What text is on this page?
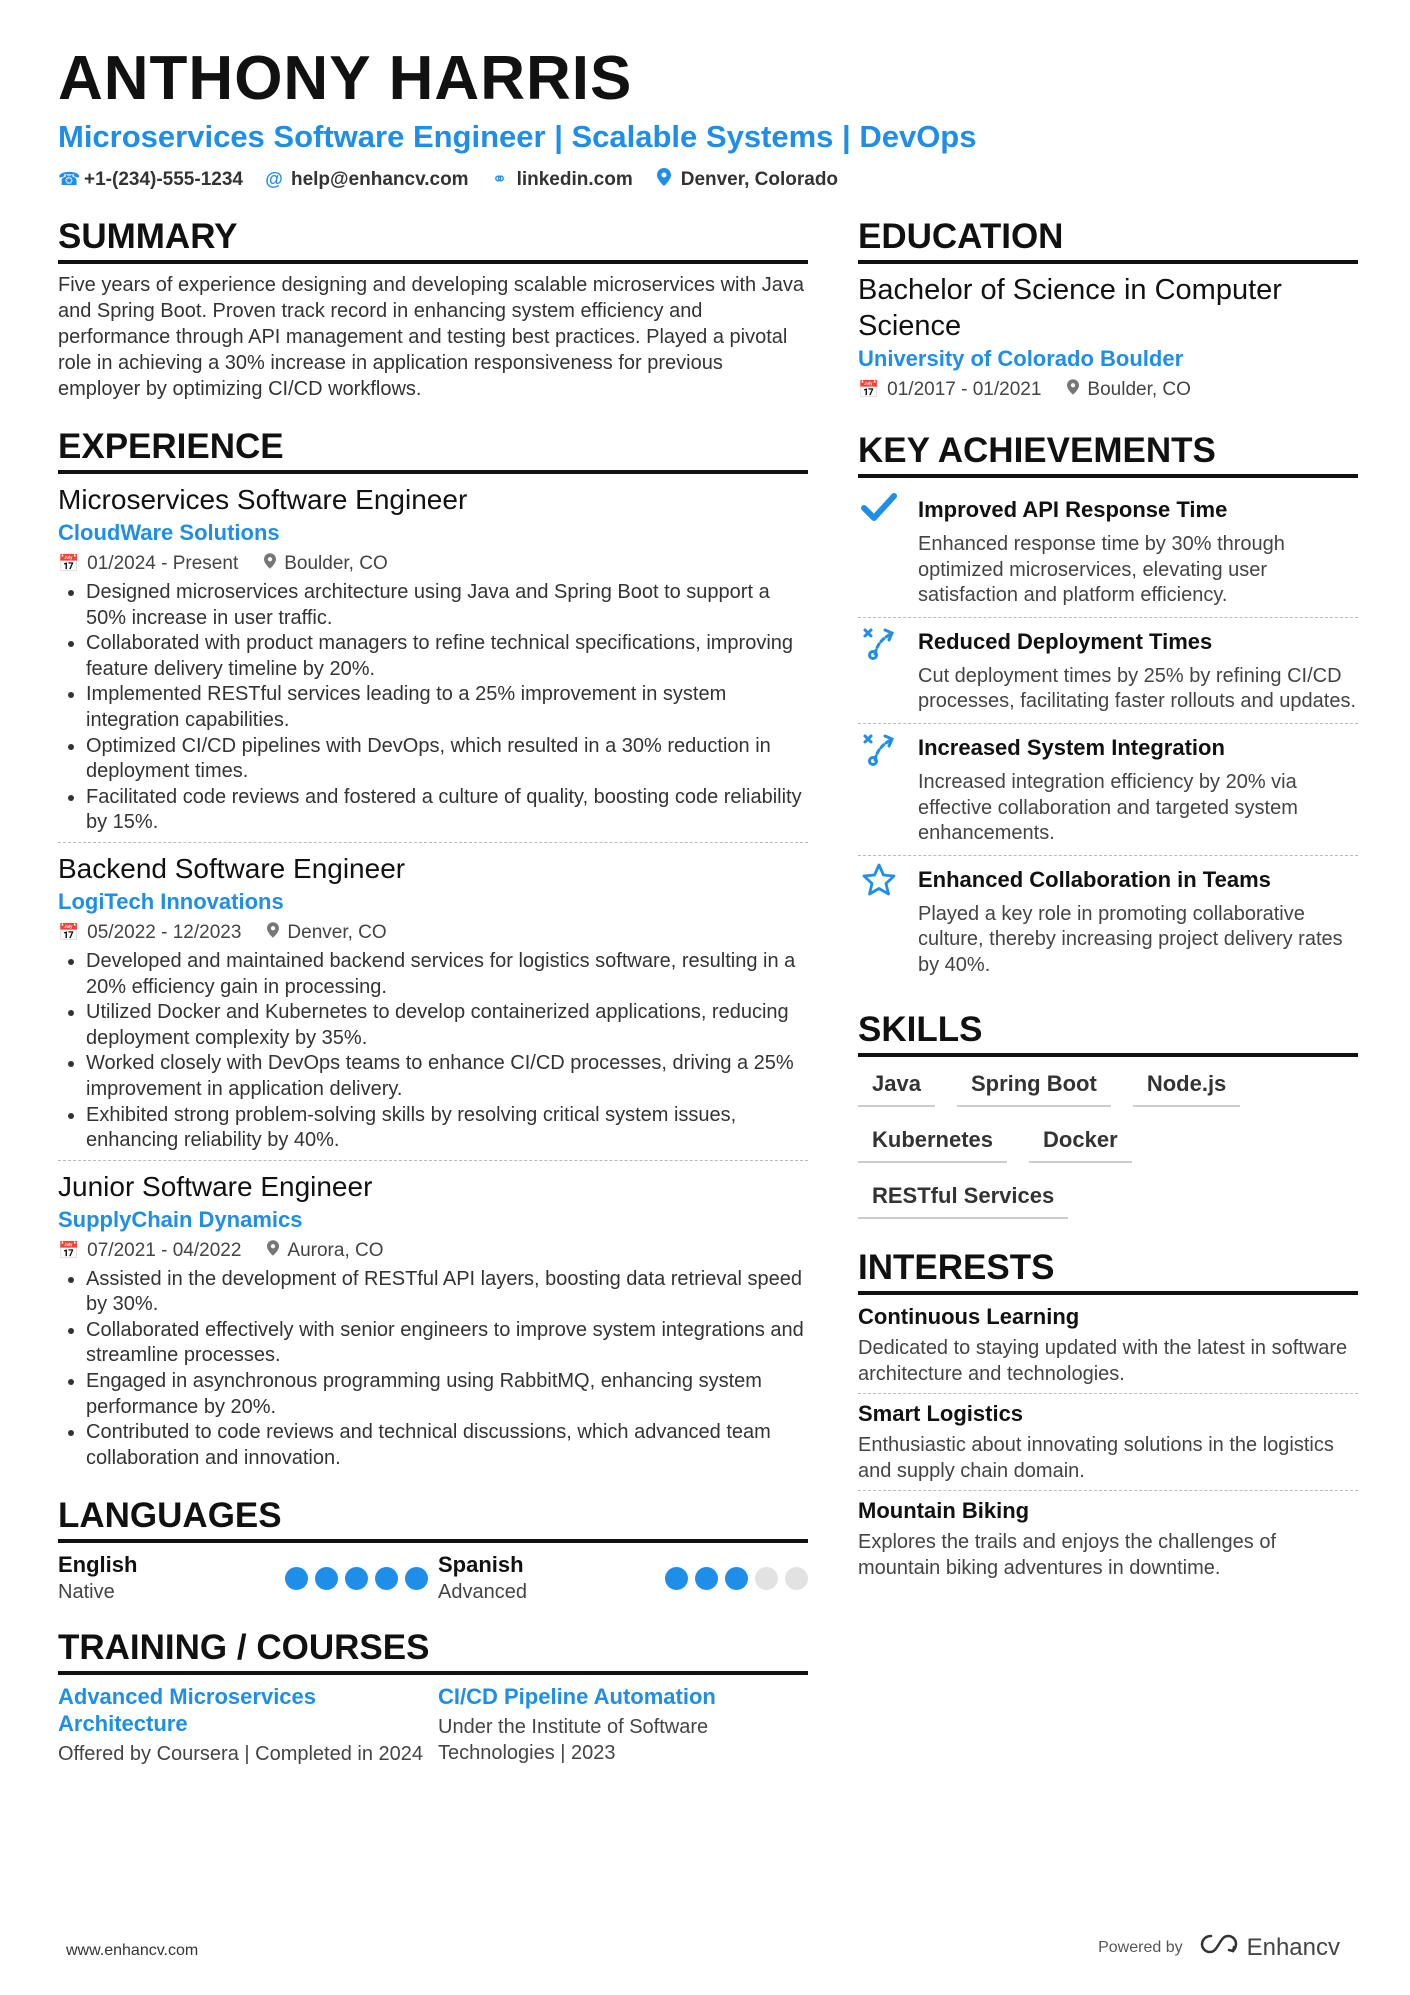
ANTHONY HARRIS
Microservices Software Engineer | Scalable Systems | DevOps
☎ +1-(234)-555-1234 @ help@enhancv.com ⚭ linkedin.com	Denver, Colorado
SUMMARY
Five years of experience designing and developing scalable microservices with Java and Spring Boot. Proven track record in enhancing system efficiency and performance through API management and testing best practices. Played a pivotal role in achieving a 30% increase in application responsiveness for previous employer by optimizing CI/CD workflows.
EXPERIENCE
Microservices Software Engineer
CloudWare Solutions
📅 01/2024 - Present Boulder, CO
• Designed microservices architecture using Java and Spring Boot to support a 50% increase in user traffic.
• Collaborated with product managers to refine technical specifications, improving feature delivery timeline by 20%.
• Implemented RESTful services leading to a 25% improvement in system integration capabilities.
• Optimized CI/CD pipelines with DevOps, which resulted in a 30% reduction in deployment times.
• Facilitated code reviews and fostered a culture of quality, boosting code reliability by 15%.
Backend Software Engineer
LogiTech Innovations
📅 05/2022 - 12/2023 Denver, CO
• Developed and maintained backend services for logistics software, resulting in a 20% efficiency gain in processing.
• Utilized Docker and Kubernetes to develop containerized applications, reducing deployment complexity by 35%.
• Worked closely with DevOps teams to enhance CI/CD processes, driving a 25% improvement in application delivery.
• Exhibited strong problem-solving skills by resolving critical system issues, enhancing reliability by 40%.
Junior Software Engineer
SupplyChain Dynamics
📅 07/2021 - 04/2022 Aurora, CO
• Assisted in the development of RESTful API layers, boosting data retrieval speed by 30%.
• Collaborated effectively with senior engineers to improve system integrations and streamline processes.
• Engaged in asynchronous programming using RabbitMQ, enhancing system performance by 20%.
• Contributed to code reviews and technical discussions, which advanced team collaboration and innovation.
LANGUAGES
English
Native
Spanish
Advanced
TRAINING / COURSES
Advanced Microservices Architecture
Offered by Coursera | Completed in 2024
CI/CD Pipeline Automation
Under the Institute of Software Technologies | 2023
EDUCATION
Bachelor of Science in Computer Science
University of Colorado Boulder
📅 01/2017 - 01/2021 Boulder, CO
KEY ACHIEVEMENTS
Improved API Response Time
Enhanced response time by 30% through optimized microservices, elevating user satisfaction and platform efficiency.
Reduced Deployment Times
Cut deployment times by 25% by refining CI/CD processes, facilitating faster rollouts and updates.
Increased System Integration
Increased integration efficiency by 20% via effective collaboration and targeted system enhancements.
Enhanced Collaboration in Teams
Played a key role in promoting collaborative culture, thereby increasing project delivery rates by 40%.
SKILLS
Java	Spring Boot	Node.js
Kubernetes	Docker
RESTful Services
INTERESTS
Continuous Learning
Dedicated to staying updated with the latest in software architecture and technologies.
Smart Logistics
Enthusiastic about innovating solutions in the logistics and supply chain domain.
Mountain Biking
Explores the trails and enjoys the challenges of mountain biking adventures in downtime.
www.enhancv.com	Powered by	Enhancv
